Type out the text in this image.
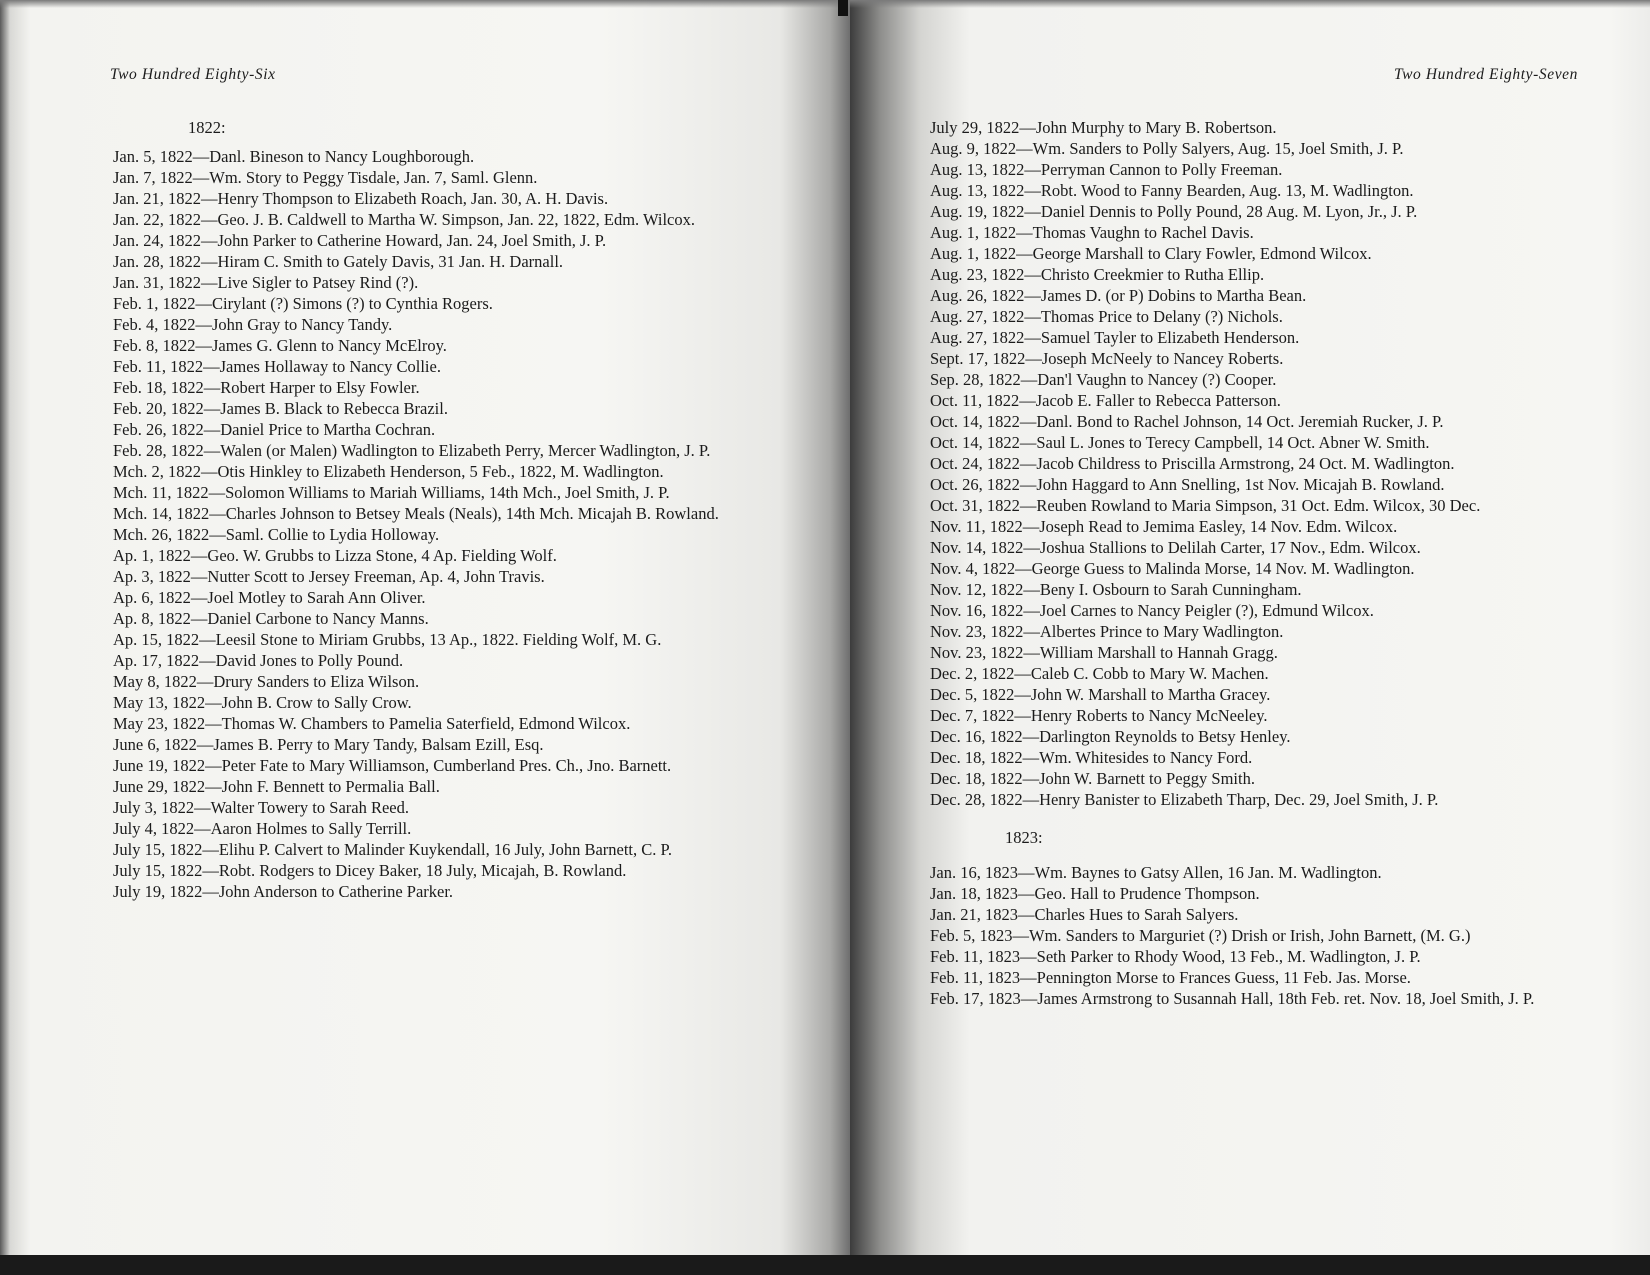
Two Hundred Eighty-Six

1822:

Jan. 5, 1822—Danl. Bineson to Nancy Loughborough.
Jan. 7, 1822—Wm. Story to Peggy Tisdale, Jan. 7, Saml. Glenn.
Jan. 21, 1822—Henry Thompson to Elizabeth Roach, Jan. 30, A. H. Davis.
Jan. 22, 1822—Geo. J. B. Caldwell to Martha W. Simpson, Jan. 22, 1822, Edm. Wilcox.
Jan. 24, 1822—John Parker to Catherine Howard, Jan. 24, Joel Smith, J. P.
Jan. 28, 1822—Hiram C. Smith to Gately Davis, 31 Jan. H. Darnall.
Jan. 31, 1822—Live Sigler to Patsey Rind (?).
Feb. 1, 1822—Cirylant (?) Simons (?) to Cynthia Rogers.
Feb. 4, 1822—John Gray to Nancy Tandy.
Feb. 8, 1822—James G. Glenn to Nancy McElroy.
Feb. 11, 1822—James Hollaway to Nancy Collie.
Feb. 18, 1822—Robert Harper to Elsy Fowler.
Feb. 20, 1822—James B. Black to Rebecca Brazil.
Feb. 26, 1822—Daniel Price to Martha Cochran.
Feb. 28, 1822—Walen (or Malen) Wadlington to Elizabeth Perry, Mercer Wadlington, J. P.
Mch. 2, 1822—Otis Hinkley to Elizabeth Henderson, 5 Feb., 1822, M. Wadlington.
Mch. 11, 1822—Solomon Williams to Mariah Williams, 14th Mch., Joel Smith, J. P.
Mch. 14, 1822—Charles Johnson to Betsey Meals (Neals), 14th Mch. Micajah B. Rowland.
Mch. 26, 1822—Saml. Collie to Lydia Holloway.
Ap. 1, 1822—Geo. W. Grubbs to Lizza Stone, 4 Ap. Fielding Wolf.
Ap. 3, 1822—Nutter Scott to Jersey Freeman, Ap. 4, John Travis.
Ap. 6, 1822—Joel Motley to Sarah Ann Oliver.
Ap. 8, 1822—Daniel Carbone to Nancy Manns.
Ap. 15, 1822—Leesil Stone to Miriam Grubbs, 13 Ap., 1822. Fielding Wolf, M. G.
Ap. 17, 1822—David Jones to Polly Pound.
May 8, 1822—Drury Sanders to Eliza Wilson.
May 13, 1822—John B. Crow to Sally Crow.
May 23, 1822—Thomas W. Chambers to Pamelia Saterfield, Edmond Wilcox.
June 6, 1822—James B. Perry to Mary Tandy, Balsam Ezill, Esq.
June 19, 1822—Peter Fate to Mary Williamson, Cumberland Pres. Ch., Jno. Barnett.
June 29, 1822—John F. Bennett to Permalia Ball.
July 3, 1822—Walter Towery to Sarah Reed.
July 4, 1822—Aaron Holmes to Sally Terrill.
July 15, 1822—Elihu P. Calvert to Malinder Kuykendall, 16 July, John Barnett, C. P.
July 15, 1822—Robt. Rodgers to Dicey Baker, 18 July, Micajah, B. Rowland.
July 19, 1822—John Anderson to Catherine Parker.
Two Hundred Eighty-Seven
July 29, 1822—John Murphy to Mary B. Robertson.
Aug. 9, 1822—Wm. Sanders to Polly Salyers, Aug. 15, Joel Smith, J. P.
Aug. 13, 1822—Perryman Cannon to Polly Freeman.
Aug. 13, 1822—Robt. Wood to Fanny Bearden, Aug. 13, M. Wadlington.
Aug. 19, 1822—Daniel Dennis to Polly Pound, 28 Aug. M. Lyon, Jr., J. P.
Aug. 1, 1822—Thomas Vaughn to Rachel Davis.
Aug. 1, 1822—George Marshall to Clary Fowler, Edmond Wilcox.
Aug. 23, 1822—Christo Creekmier to Rutha Ellip.
Aug. 26, 1822—James D. (or P) Dobins to Martha Bean.
Aug. 27, 1822—Thomas Price to Delany (?) Nichols.
Aug. 27, 1822—Samuel Tayler to Elizabeth Henderson.
Sept. 17, 1822—Joseph McNeely to Nancey Roberts.
Sep. 28, 1822—Dan'l Vaughn to Nancey (?) Cooper.
Oct. 11, 1822—Jacob E. Faller to Rebecca Patterson.
Oct. 14, 1822—Danl. Bond to Rachel Johnson, 14 Oct. Jeremiah Rucker, J. P.
Oct. 14, 1822—Saul L. Jones to Terecy Campbell, 14 Oct. Abner W. Smith.
Oct. 24, 1822—Jacob Childress to Priscilla Armstrong, 24 Oct. M. Wadlington.
Oct. 26, 1822—John Haggard to Ann Snelling, 1st Nov. Micajah B. Rowland.
Oct. 31, 1822—Reuben Rowland to Maria Simpson, 31 Oct. Edm. Wilcox, 30 Dec.
Nov. 11, 1822—Joseph Read to Jemima Easley, 14 Nov. Edm. Wilcox.
Nov. 14, 1822—Joshua Stallions to Delilah Carter, 17 Nov., Edm. Wilcox.
Nov. 4, 1822—George Guess to Malinda Morse, 14 Nov. M. Wadlington.
Nov. 12, 1822—Beny I. Osbourn to Sarah Cunningham.
Nov. 16, 1822—Joel Carnes to Nancy Peigler (?), Edmund Wilcox.
Nov. 23, 1822—Albertes Prince to Mary Wadlington.
Nov. 23, 1822—William Marshall to Hannah Gragg.
Dec. 2, 1822—Caleb C. Cobb to Mary W. Machen.
Dec. 5, 1822—John W. Marshall to Martha Gracey.
Dec. 7, 1822—Henry Roberts to Nancy McNeeley.
Dec. 16, 1822—Darlington Reynolds to Betsy Henley.
Dec. 18, 1822—Wm. Whitesides to Nancy Ford.
Dec. 18, 1822—John W. Barnett to Peggy Smith.
Dec. 28, 1822—Henry Banister to Elizabeth Tharp, Dec. 29, Joel Smith, J. P.

1823:

Jan. 16, 1823—Wm. Baynes to Gatsy Allen, 16 Jan. M. Wadlington.
Jan. 18, 1823—Geo. Hall to Prudence Thompson.
Jan. 21, 1823—Charles Hues to Sarah Salyers.
Feb. 5, 1823—Wm. Sanders to Marguriet (?) Drish or Irish, John Barnett, (M. G.)
Feb. 11, 1823—Seth Parker to Rhody Wood, 13 Feb., M. Wadlington, J. P.
Feb. 11, 1823—Pennington Morse to Frances Guess, 11 Feb. Jas. Morse.
Feb. 17, 1823—James Armstrong to Susannah Hall, 18th Feb. ret. Nov. 18, Joel Smith, J. P.
